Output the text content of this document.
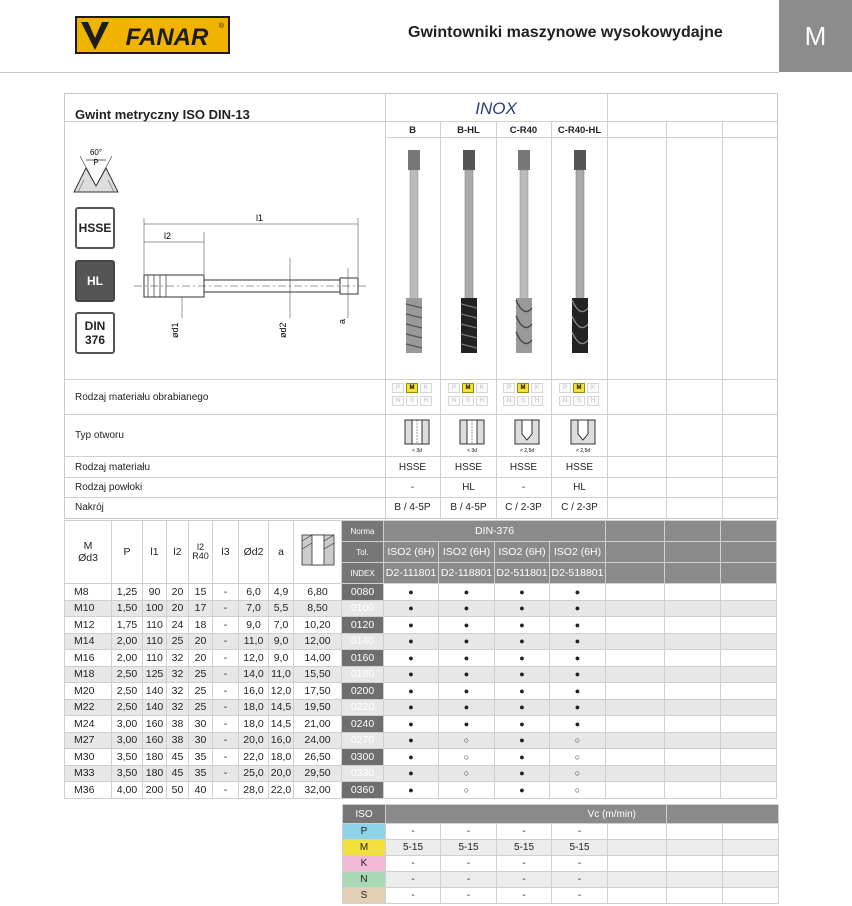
FANAR ®	Gwintowniki maszynowe wysokowydajne	M
Gwint metryczny ISO DIN-13	INOX
B	B-HL	C-R40	C-R40-HL
60°
P
HSSE
HL
DIN 376
l1
l2
ød1	ød2
a
Rodzaj materiału obrabianego
Typ otworu
Rodzaj materiału
Rodzaj powłoki
Nakrój
P	M	K
N	S	H
P	M	K
N	S	H
P	M	K
N	S	H
P	M	K
N	S	H
< 3d	< 3d	< 2,5d	< 2,5d
HSSE	HSSE	HSSE	HSSE
-	HL	-	HL
B / 4-5P	B / 4-5P	C / 2-3P	C / 2-3P
M
Ød3	P	l1	l2	l2
R40	l3	Ød2	a		Norma	DIN-376						
									Tol.	ISO2 (6H)	ISO2 (6H)	ISO2 (6H)	ISO2 (6H)			
									INDEX	D2-111801	D2-118801	D2-511801	D2-518801			
M8	1,25	90	20	15	-	6,0	4,9	6,80	0080	●	●	●	●			
M10	1,50	100	20	17	-	7,0	5,5	8,50	0100	●	●	●	●			
M12	1,75	110	24	18	-	9,0	7,0	10,20	0120	●	●	●	●			
M14	2,00	110	25	20	-	11,0	9,0	12,00	0140	●	●	●	●			
M16	2,00	110	32	20	-	12,0	9,0	14,00	0160	●	●	●	●			
M18	2,50	125	32	25	-	14,0	11,0	15,50	0180	●	●	●	●			
M20	2,50	140	32	25	-	16,0	12,0	17,50	0200	●	●	●	●			
M22	2,50	140	32	25	-	18,0	14,5	19,50	0220	●	●	●	●			
M24	3,00	160	38	30	-	18,0	14,5	21,00	0240	●	●	●	●			
M27	3,00	160	38	30	-	20,0	16,0	24,00	0270	●	○	●	○			
M30	3,50	180	45	35	-	22,0	18,0	26,50	0300	●	○	●	○			
M33	3,50	180	45	35	-	25,0	20,0	29,50	0330	●	○	●	○			
M36	4,00	200	50	40	-	28,0	22,0	32,00	0360	●	○	●	○			
ISO	Vc (m/min)						
P	-	-	-	-			
M	5-15	5-15	5-15	5-15			
K	-	-	-	-			
N	-	-	-	-			
S	-	-	-	-			
